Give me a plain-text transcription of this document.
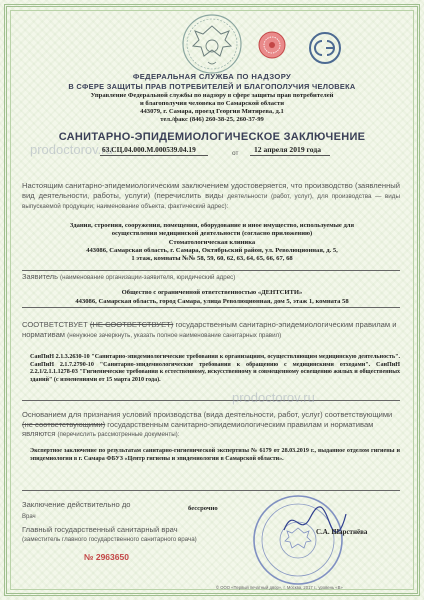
ФЕДЕРАЛЬНАЯ СЛУЖБА ПО НАДЗОРУ
В СФЕРЕ ЗАЩИТЫ ПРАВ ПОТРЕБИТЕЛЕЙ И БЛАГОПОЛУЧИЯ ЧЕЛОВЕКА
Управление Федеральной службы по надзору в сфере защиты прав потребителей
и благополучия человека по Самарской области
443079, г. Самара, проезд Георгия Митирева, д.1
тел./факс (846) 260-38-25, 260-37-99
САНИТАРНО-ЭПИДЕМИОЛОГИЧЕСКОЕ ЗАКЛЮЧЕНИЕ
prodoctorov.ru
63.СЦ.04.000.М.000539.04.19	от 12 апреля 2019 года
Настоящим санитарно-эпидемиологическим заключением удостоверяется, что производство (заявленный вид деятельности, работы, услуги) (перечислить виды деятельности (работ, услуг), для производства — виды выпускаемой продукции; наименование объекта, фактический адрес):
Здания, строения, сооружения, помещения, оборудование и иное имущество, используемые для
осуществления медицинской деятельности (согласно приложению)
Стоматологическая клиника
443086, Самарская область, г. Самара, Октябрьский район, ул. Революционная, д. 5,
1 этаж, комнаты №№ 58, 59, 60, 62, 63, 64, 65, 66, 67, 68
Заявитель (наименование организации-заявителя, юридический адрес)
Общество с ограниченной ответственностью «ДЕНТСИТИ»
443086, Самарская область, город Самара, улица Революционная, дом 5, этаж 1, комната 58
СООТВЕТСТВУЕТ (НЕ СООТВЕТСТВУЕТ) государственным санитарно-эпидемиологическим правилам и нормативам (ненужное зачеркнуть, указать полное наименование санитарных правил)
СанПиН 2.1.3.2630-10 "Санитарно-эпидемиологические требования к организациям, осуществляющим медицинскую деятельность". СанПиН 2.1.7.2790-10 "Санитарно-эпидемиологические требования к обращению с медицинскими отходами". СанПиН 2.2.1/2.1.1.1278-03 "Гигиенические требования к естественному, искусственному и совмещенному освещению жилых и общественных зданий" (с изменениями от 15 марта 2010 года).
Основанием для признания условий производства (вида деятельности, работ, услуг) соответствующими (не соответствующими) государственным санитарно-эпидемиологическим правилам и нормативам являются (перечислить рассмотренные документы):
prodoctorov.ru
Экспертное заключение по результатам санитарно-гигиенической экспертизы № 6179 от 28.03.2019 г., выданное отделом гигиены и эпидемиологии в г. Самара ФБУЗ «Центр гигиены и эпидемиологии в Самарской области».
Заключение действительно до	бессрочно
Врач
Главный государственный санитарный врач
(заместитель главного государственного санитарного врача)
С.А. Шарстнёва
№ 2963650
© ООО «Первый печатный двор», г. Москва, 2017 г., уровень «В»
